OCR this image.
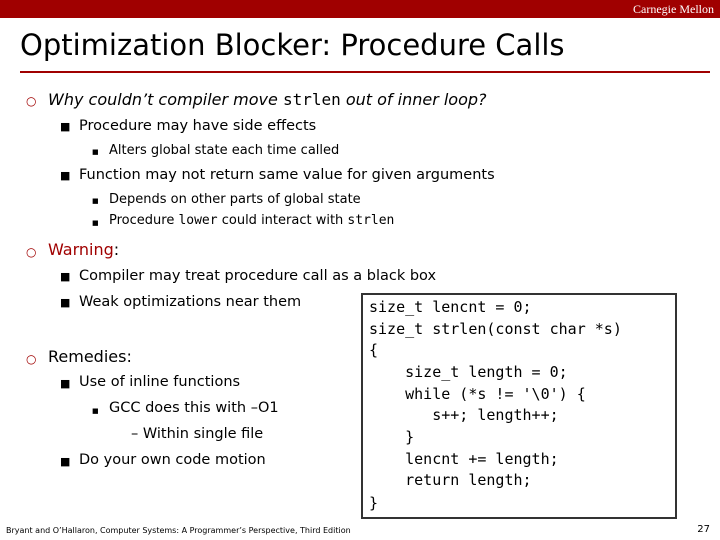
Carnegie Mellon
Optimization Blocker: Procedure Calls
○ Why couldn’t compiler move strlen out of inner loop?
■ Procedure may have side effects
■ Alters global state each time called
■ Function may not return same value for given arguments
■ Depends on other parts of global state
■ Procedure lower could interact with strlen
○ Warning:
■ Compiler may treat procedure call as a black box
■ Weak optimizations near them
○ Remedies:
■ Use of inline functions
■ GCC does this with –O1
– Within single file
■ Do your own code motion
size_t lencnt = 0;
size_t strlen(const char *s)
{
size_t length = 0;
while (*s != '\0') {
s++; length++;
}
lencnt += length;
return length;
}
Bryant and O’Hallaron, Computer Systems: A Programmer’s Perspective, Third Edition	27
